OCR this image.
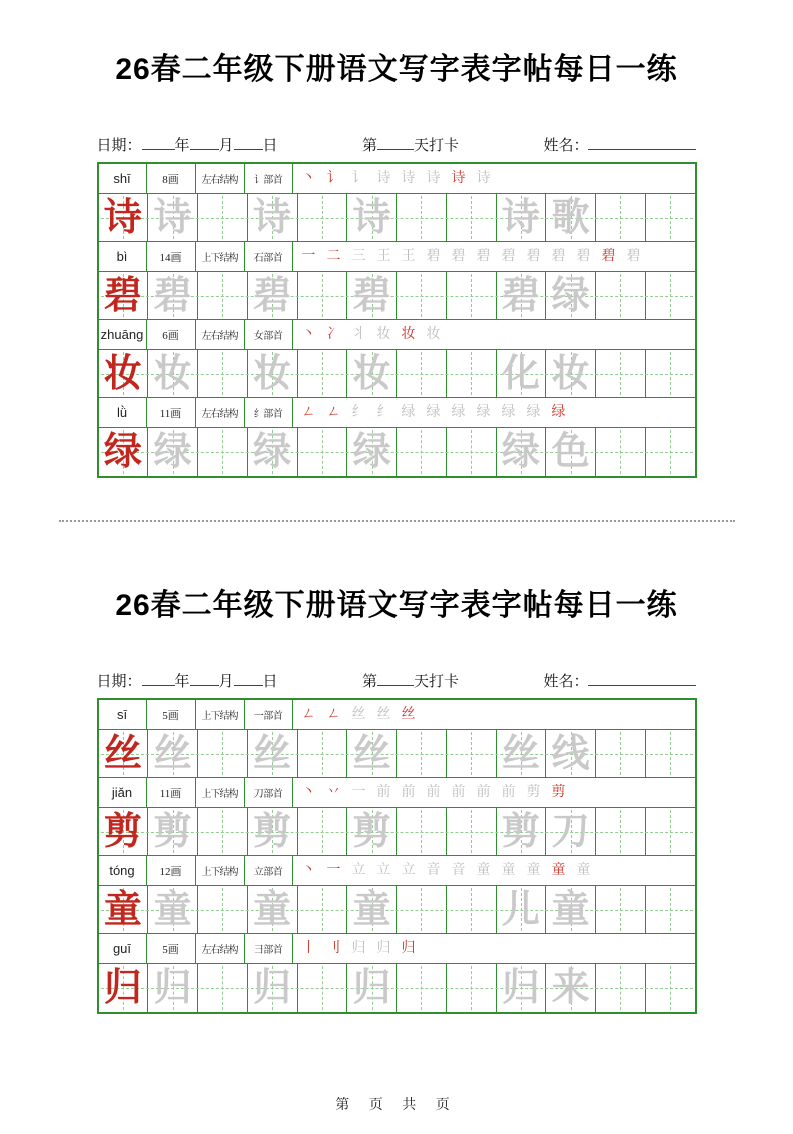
26春二年级下册语文写字表字帖每日一练
日期： 年 月 日	第 天打卡	姓名：
shī	8画	左右结构	讠部首	丶 讠 讠 诗 诗 诗 诗 诗
诗 诗 诗 诗	诗 歌
bì	14画	上下结构	石部首	一 二 三 王 王 碧 碧 碧 碧 碧 碧 碧 碧 碧
碧 碧 碧 碧	碧 绿
zhuāng	6画	左右结构	女部首	丶 冫 丬 妆 妆 妆
妆 妆 妆 妆	化 妆
lǜ	11画	左右结构	纟部首	ㄥ ㄥ 纟 纟 绿 绿 绿 绿 绿 绿 绿
绿 绿 绿 绿	绿 色
26春二年级下册语文写字表字帖每日一练
日期： 年 月 日	第 天打卡	姓名：
sī	5画	上下结构	一部首	ㄥ ㄥ 丝 丝 丝
丝 丝 丝 丝	丝 线
jiǎn	11画	上下结构	刀部首	丶 丷 一 前 前 前 前 前 前 剪 剪
剪 剪 剪 剪	剪 刀
tóng	12画	上下结构	立部首	丶 一 立 立 立 音 音 童 童 童 童 童
童 童 童 童	儿 童
guī	5画	左右结构	彐部首	丨 刂 归 归 归
归 归 归 归	归 来
第 页 共 页
